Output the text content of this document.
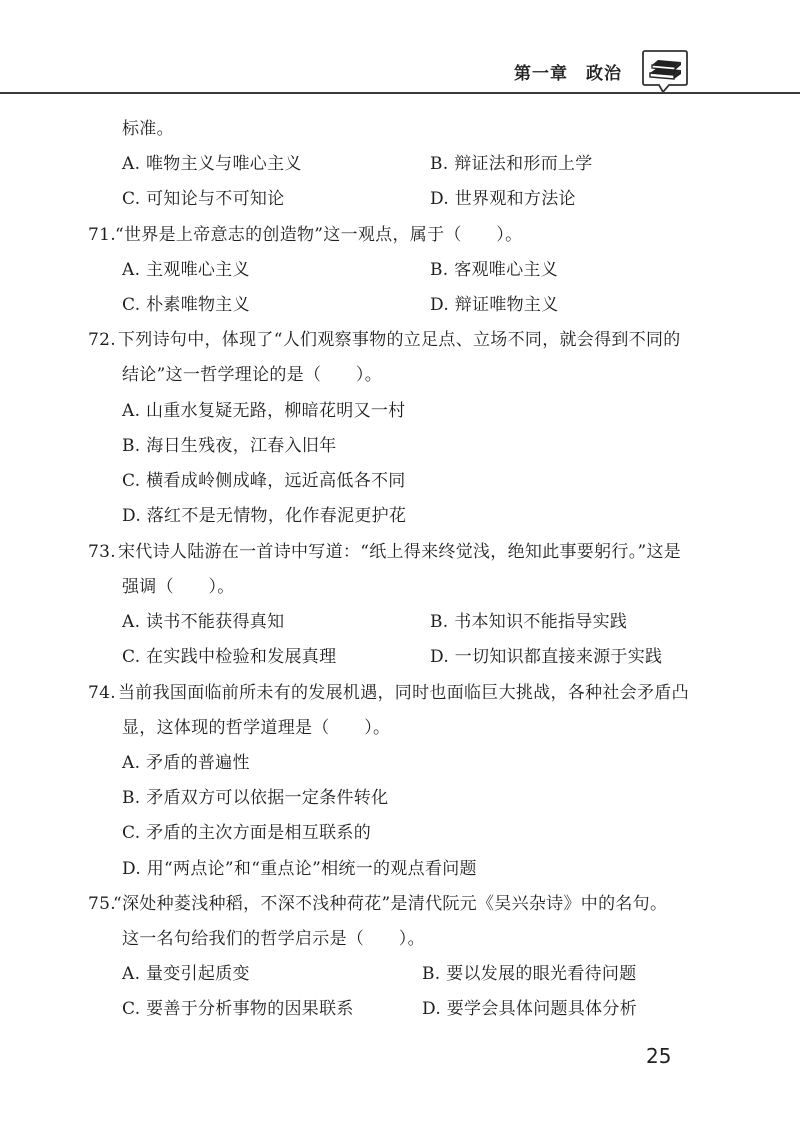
第一章　政治
标准。
A. 唯物主义与唯心主义	B. 辩证法和形而上学
C. 可知论与不可知论	D. 世界观和方法论
71. “世界是上帝意志的创造物”这一观点，属于（　　）。
A. 主观唯心主义	B. 客观唯心主义
C. 朴素唯物主义	D. 辩证唯物主义
72. 下列诗句中，体现了“人们观察事物的立足点、立场不同，就会得到不同的
结论”这一哲学理论的是（　　）。
A. 山重水复疑无路，柳暗花明又一村
B. 海日生残夜，江春入旧年
C. 横看成岭侧成峰，远近高低各不同
D. 落红不是无情物，化作春泥更护花
73. 宋代诗人陆游在一首诗中写道：“纸上得来终觉浅，绝知此事要躬行。”这是
强调（　　）。
A. 读书不能获得真知	B. 书本知识不能指导实践
C. 在实践中检验和发展真理	D. 一切知识都直接来源于实践
74. 当前我国面临前所未有的发展机遇，同时也面临巨大挑战，各种社会矛盾凸
显，这体现的哲学道理是（　　）。
A. 矛盾的普遍性
B. 矛盾双方可以依据一定条件转化
C. 矛盾的主次方面是相互联系的
D. 用“两点论”和“重点论”相统一的观点看问题
75.
“深处种菱浅种稻，不深不浅种荷花”是清代阮元《吴兴杂诗》中的名句。
这一名句给我们的哲学启示是（　　）。
A. 量变引起质变	B. 要以发展的眼光看待问题
C. 要善于分析事物的因果联系	D. 要学会具体问题具体分析
25
